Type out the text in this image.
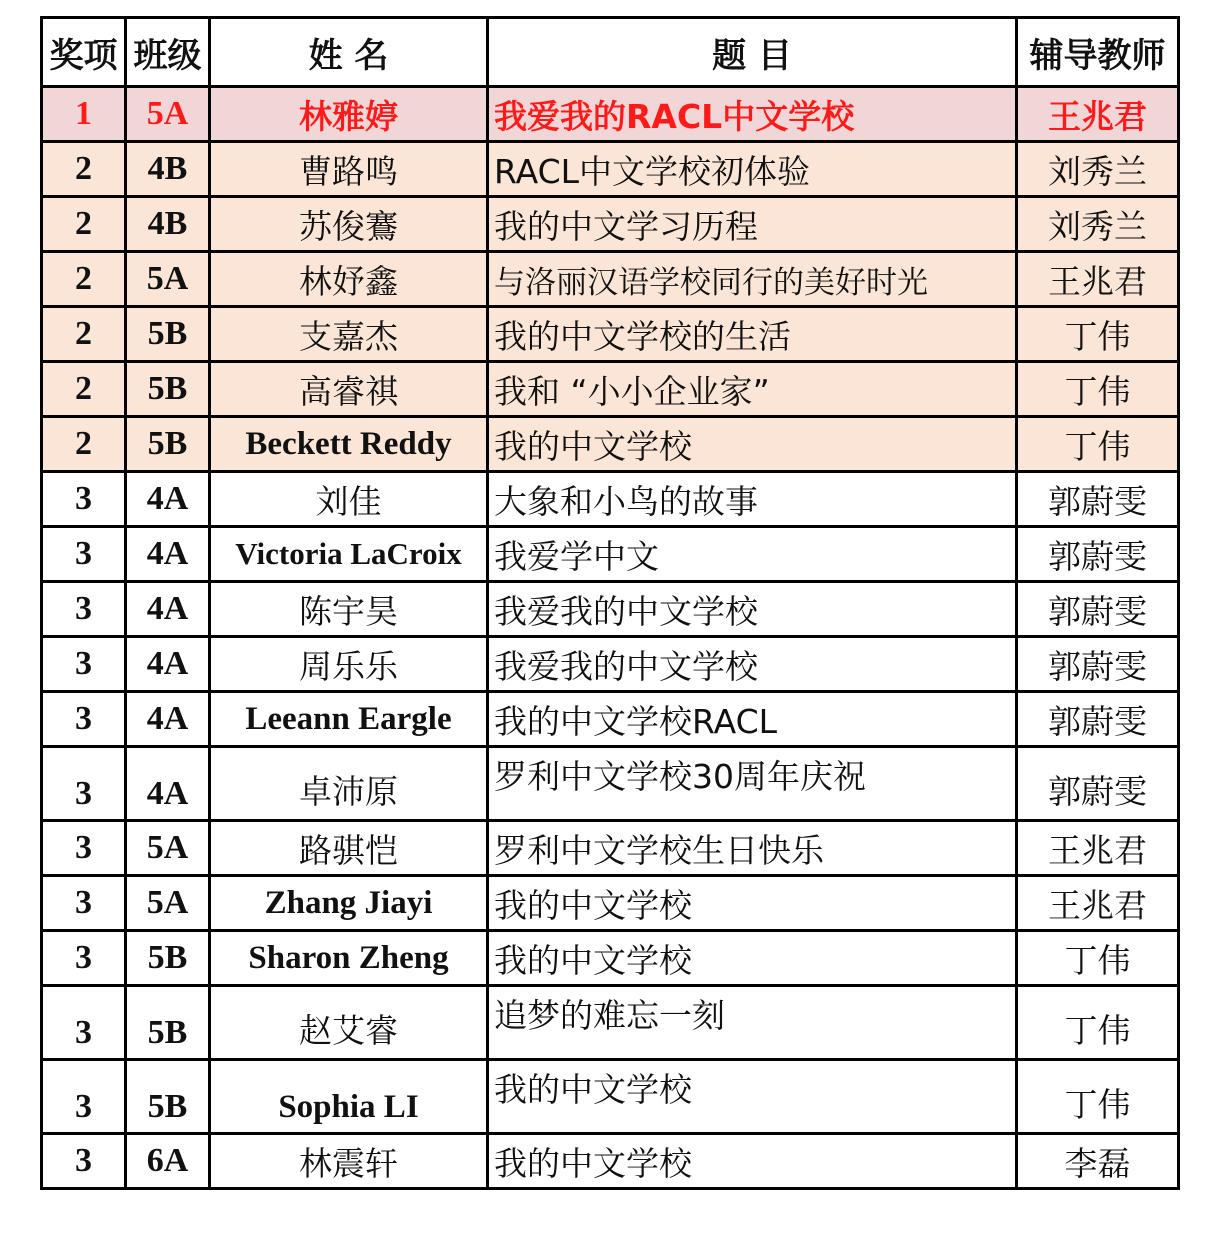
奖项	班级	姓 名	题 目	辅导教师
1	5A	林雅婷	我爱我的RACL中文学校	王兆君
2	4B	曹路鸣	RACL中文学校初体验	刘秀兰
2	4B	苏俊鶱	我的中文学习历程	刘秀兰
2	5A	林妤鑫	与洛丽汉语学校同行的美好时光	王兆君
2	5B	支嘉杰	我的中文学校的生活	丁伟
2	5B	高睿祺	我和 “小小企业家”	丁伟
2	5B	Beckett Reddy	我的中文学校	丁伟
3	4A	刘佳	大象和小鸟的故事	郭蔚雯
3	4A	Victoria LaCroix	我爱学中文	郭蔚雯
3	4A	陈宇昊	我爱我的中文学校	郭蔚雯
3	4A	周乐乐	我爱我的中文学校	郭蔚雯
3	4A	Leeann Eargle	我的中文学校RACL	郭蔚雯
3	4A	卓沛原	罗利中文学校30周年庆祝	郭蔚雯
3	5A	路骐恺	罗利中文学校生日快乐	王兆君
3	5A	Zhang Jiayi	我的中文学校	王兆君
3	5B	Sharon Zheng	我的中文学校	丁伟
3	5B	赵艾睿	追梦的难忘一刻	丁伟
3	5B	Sophia LI	我的中文学校	丁伟
3	6A	林震轩	我的中文学校	李磊
